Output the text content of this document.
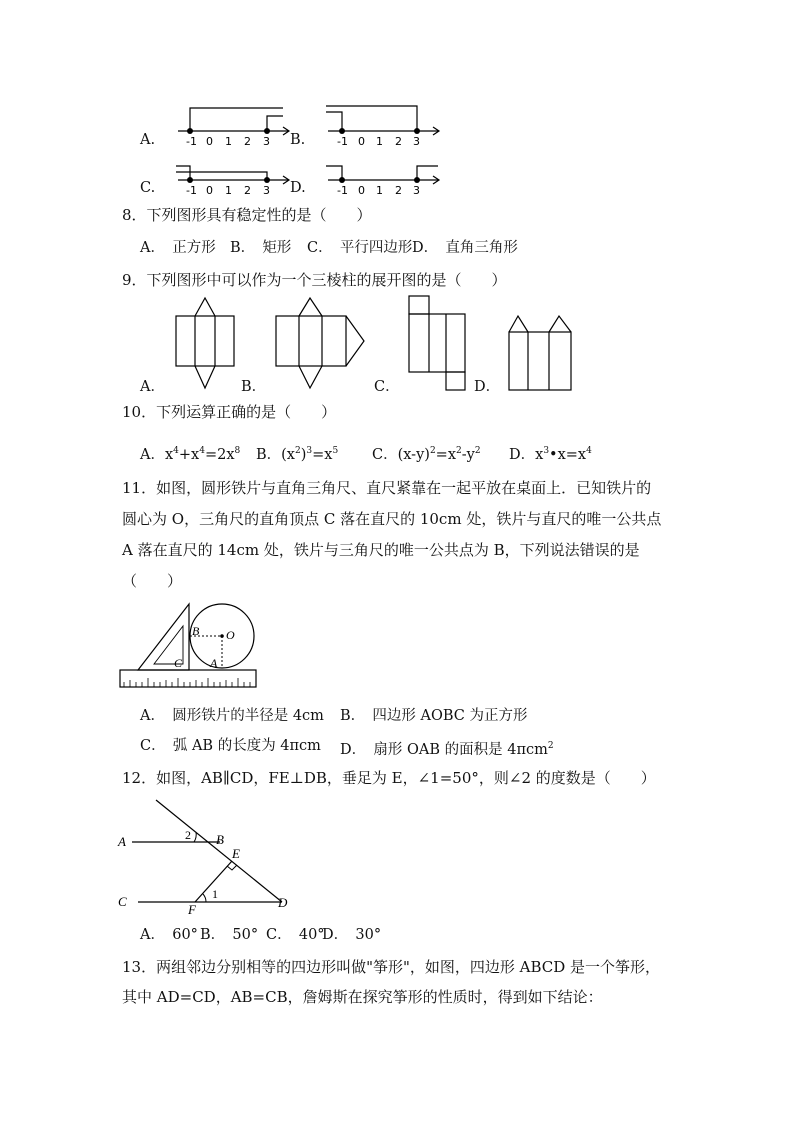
A.	-1 0 1 2 3 B.	-1 0 1 2 3
C.	-1 0 1 2 3 D.	-1 0 1 2 3
8．下列图形具有稳定性的是（　　）
A．　正方形 B．　矩形 C．　平行四边形 D．　直角三角形
9．下列图形中可以作为一个三棱柱的展开图的是（　　）
A．	B．	C．	D．
10．下列运算正确的是（　　）
A．$x^4+x^4=2x^8$ B．$(x^2)^3=x^5$ C．$(x-y)^2=x^2-y^2$ D．$x^3•x=x^4$
11．如图，圆形铁片与直角三角尺、直尺紧靠在一起平放在桌面上．已知铁片的
圆心为 O，三角尺的直角顶点 C 落在直尺的 10cm 处，铁片与直尺的唯一公共点
A 落在直尺的 14cm 处，铁片与三角尺的唯一公共点为 B，下列说法错误的是
（　　）
B O
C A
A．　圆形铁片的半径是 4cm B．　四边形 AOBC 为正方形
C．　弧 AB 的长度为 4πcm D．　扇形 OAB 的面积是 4πcm$^2$
12．如图，AB∥CD，FE⊥DB，垂足为 E，∠1=50°，则∠2 的度数是（　　）
A	B
C	D
E
F
1
2
A．　60° B．　50° C．　40°
D．　30°
13．两组邻边分别相等的四边形叫做"筝形"，如图，四边形 ABCD 是一个筝形，
其中 AD=CD，AB=CB，詹姆斯在探究筝形的性质时，得到如下结论：
